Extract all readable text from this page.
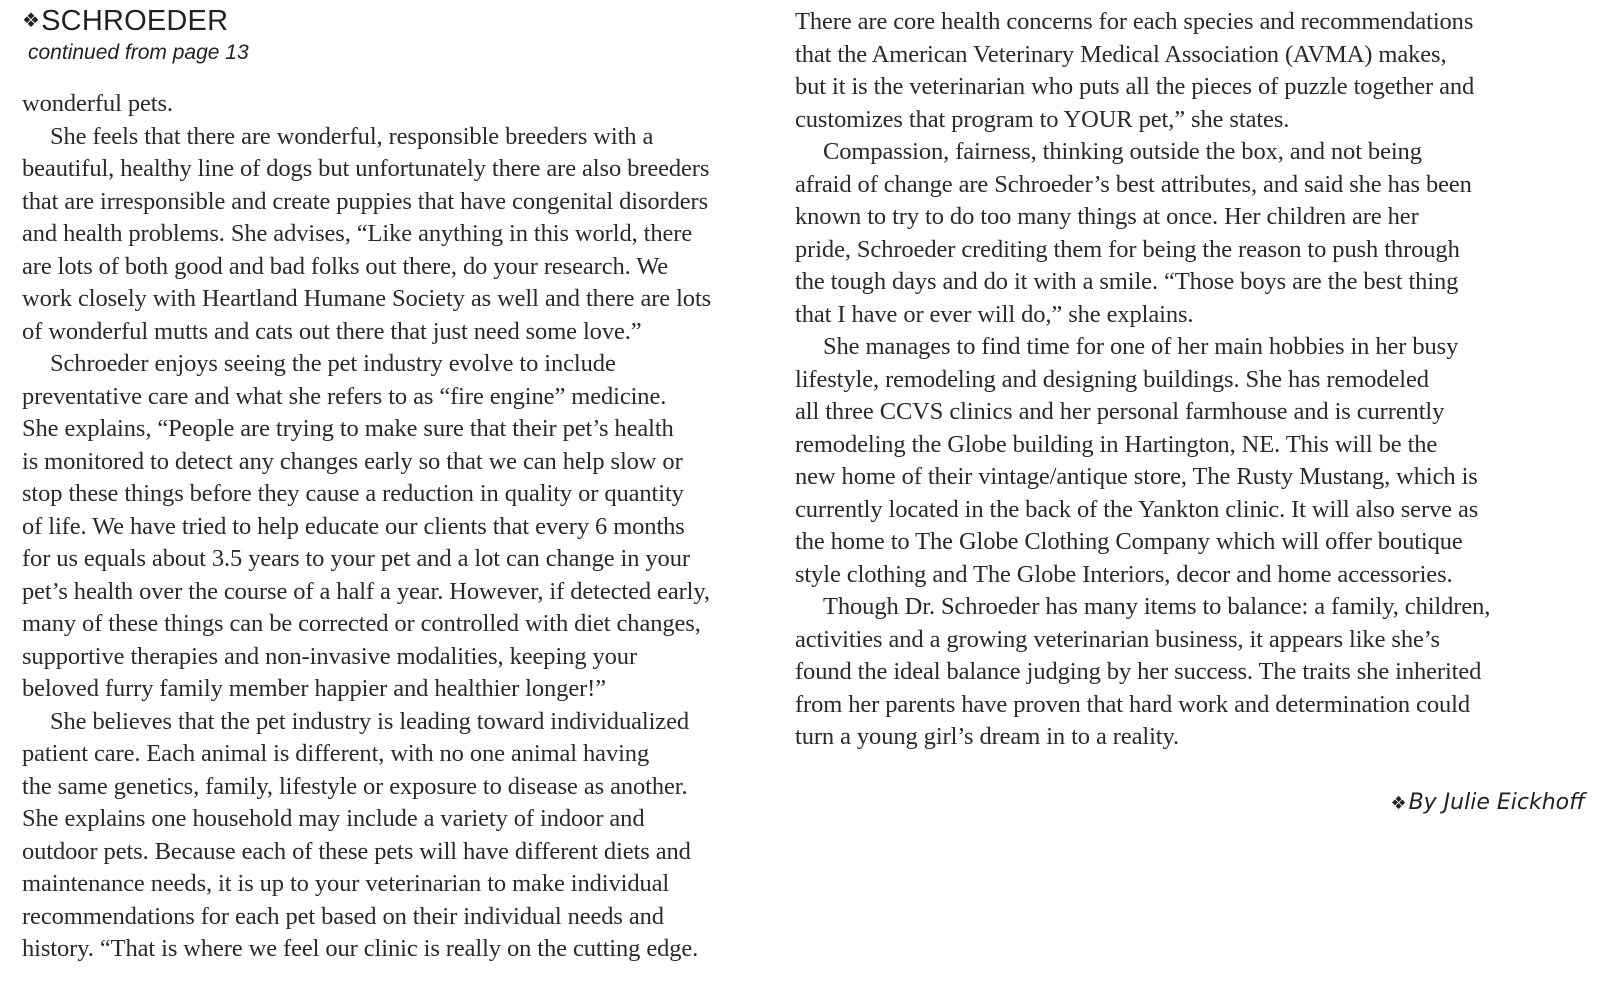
❖SCHROEDER
continued from page 13
wonderful pets.
She feels that there are wonderful, responsible breeders with a
beautiful, healthy line of dogs but unfortunately there are also breeders
that are irresponsible and create puppies that have congenital disorders
and health problems. She advises, “Like anything in this world, there
are lots of both good and bad folks out there, do your research. We
work closely with Heartland Humane Society as well and there are lots
of wonderful mutts and cats out there that just need some love.”
Schroeder enjoys seeing the pet industry evolve to include
preventative care and what she refers to as “fire engine” medicine.
She explains, “People are trying to make sure that their pet’s health
is monitored to detect any changes early so that we can help slow or
stop these things before they cause a reduction in quality or quantity
of life. We have tried to help educate our clients that every 6 months
for us equals about 3.5 years to your pet and a lot can change in your
pet’s health over the course of a half a year. However, if detected early,
many of these things can be corrected or controlled with diet changes,
supportive therapies and non-invasive modalities, keeping your
beloved furry family member happier and healthier longer!”
She believes that the pet industry is leading toward individualized
patient care. Each animal is different, with no one animal having
the same genetics, family, lifestyle or exposure to disease as another.
She explains one household may include a variety of indoor and
outdoor pets. Because each of these pets will have different diets and
maintenance needs, it is up to your veterinarian to make individual
recommendations for each pet based on their individual needs and
history. “That is where we feel our clinic is really on the cutting edge.
There are core health concerns for each species and recommendations
that the American Veterinary Medical Association (AVMA) makes,
but it is the veterinarian who puts all the pieces of puzzle together and
customizes that program to YOUR pet,” she states.
Compassion, fairness, thinking outside the box, and not being
afraid of change are Schroeder’s best attributes, and said she has been
known to try to do too many things at once. Her children are her
pride, Schroeder crediting them for being the reason to push through
the tough days and do it with a smile. “Those boys are the best thing
that I have or ever will do,” she explains.
She manages to find time for one of her main hobbies in her busy
lifestyle, remodeling and designing buildings. She has remodeled
all three CCVS clinics and her personal farmhouse and is currently
remodeling the Globe building in Hartington, NE. This will be the
new home of their vintage/antique store, The Rusty Mustang, which is
currently located in the back of the Yankton clinic. It will also serve as
the home to The Globe Clothing Company which will offer boutique
style clothing and The Globe Interiors, decor and home accessories.
Though Dr. Schroeder has many items to balance: a family, children,
activities and a growing veterinarian business, it appears like she’s
found the ideal balance judging by her success. The traits she inherited
from her parents have proven that hard work and determination could
turn a young girl’s dream in to a reality.
❖By Julie Eickhoff
